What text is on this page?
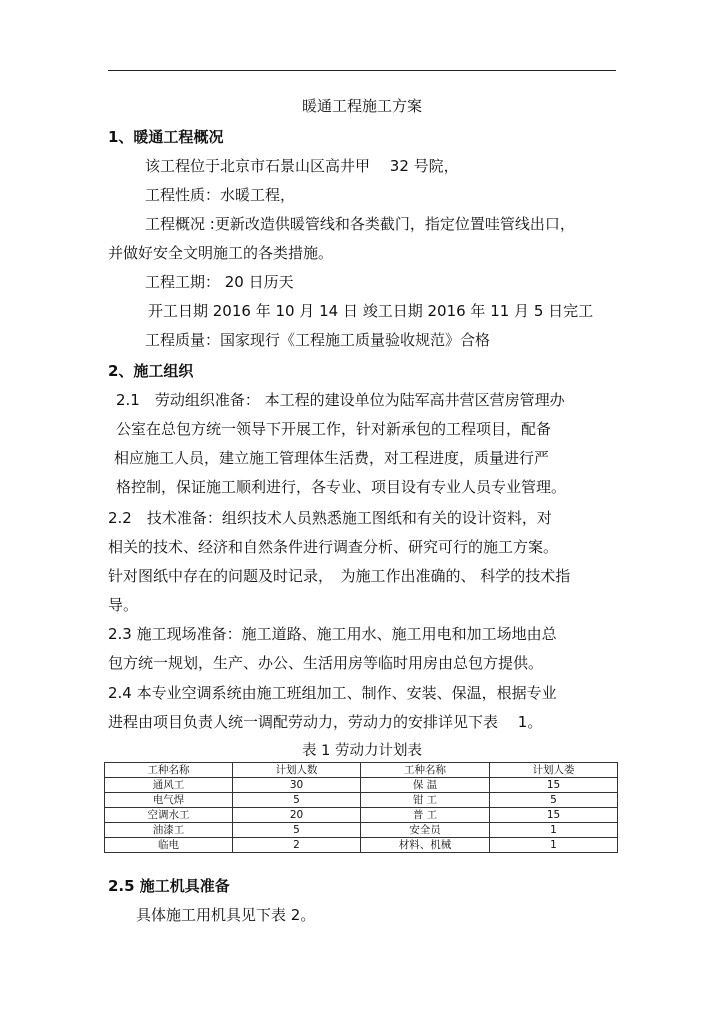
暖通工程施工方案
1、暖通工程概况
该工程位于北京市石景山区高井甲　 32 号院，
工程性质：水暖工程，
工程概况 :更新改造供暖管线和各类截门，指定位置哇管线出口，
并做好安全文明施工的各类措施。
工程工期： 20 日历天
开工日期 2016 年 10 月 14 日 竣工日期 2016 年 11 月 5 日完工
工程质量：国家现行《工程施工质量验收规范》合格
2、施工组织
2.1　劳动组织准备： 本工程的建设单位为陆军高井营区营房管理办
公室在总包方统一领导下开展工作，针对新承包的工程项目，配备
相应施工人员，建立施工管理体生活费，对工程进度，质量进行严
格控制，保证施工顺利进行，各专业、项目设有专业人员专业管理。
2.2　技术准备：组织技术人员熟悉施工图纸和有关的设计资料，对
相关的技术、经济和自然条件进行调查分析、研究可行的施工方案。
针对图纸中存在的问题及时记录，　为施工作出准确的、 科学的技术指
导。
2.3 施工现场准备：施工道路、施工用水、施工用电和加工场地由总
包方统一规划，生产、办公、生活用房等临时用房由总包方提供。
2.4 本专业空调系统由施工班组加工、制作、安装、保温，根据专业
进程由项目负责人统一调配劳动力，劳动力的安排详见下表　 1。
表 1 劳动力计划表
工种名称	计划人数	工种名称	计划人娄
通风工	30	保 温	15
电气焊	5	钳 工	5
空调水工	20	普 工	15
油漆工	5	安全员	1
临电	2	材料、机械	1
2.5 施工机具准备
具体施工用机具见下表 2。
